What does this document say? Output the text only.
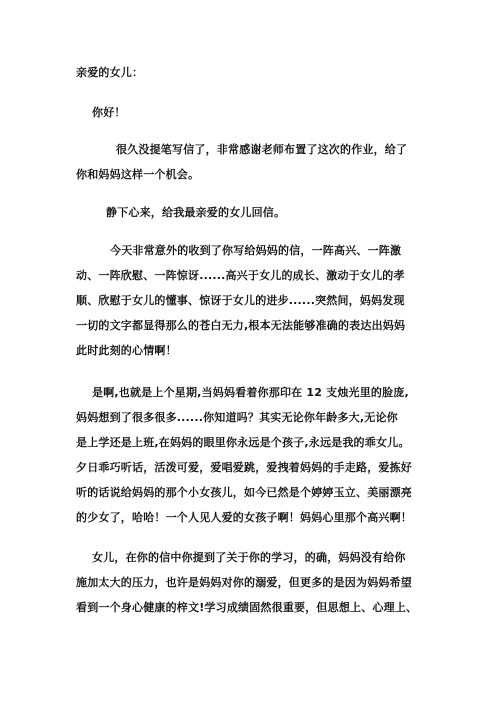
亲爱的女儿：
你好！
很久没提笔写信了，非常感谢老师布置了这次的作业，给了
你和妈妈这样一个机会。
静下心来，给我最亲爱的女儿回信。
今天非常意外的收到了你写给妈妈的信，一阵高兴、一阵激
动、一阵欣慰、一阵惊讶......高兴于女儿的成长、激动于女儿的孝
顺、欣慰于女儿的懂事、惊讶于女儿的进步......突然间，妈妈发现
一切的文字都显得那么的苍白无力,根本无法能够准确的表达出妈妈
此时此刻的心情啊！
是啊,也就是上个星期,当妈妈看着你那印在 12 支烛光里的脸庞,
妈妈想到了很多很多......你知道吗？其实无论你年龄多大,无论你
是上学还是上班,在妈妈的眼里你永远是个孩子,永远是我的乖女儿。
夕日乖巧听话，活泼可爱，爱唱爱跳，爱拽着妈妈的手走路，爱拣好
听的话说给妈妈的那个小女孩儿，如今已然是个婷婷玉立、美丽漂亮
的少女了，哈哈！一个人见人爱的女孩子啊！妈妈心里那个高兴啊！
女儿，在你的信中你提到了关于你的学习，的确，妈妈没有给你
施加太大的压力，也许是妈妈对你的溺爱，但更多的是因为妈妈希望
看到一个身心健康的梓文!学习成绩固然很重要，但思想上、心理上、
